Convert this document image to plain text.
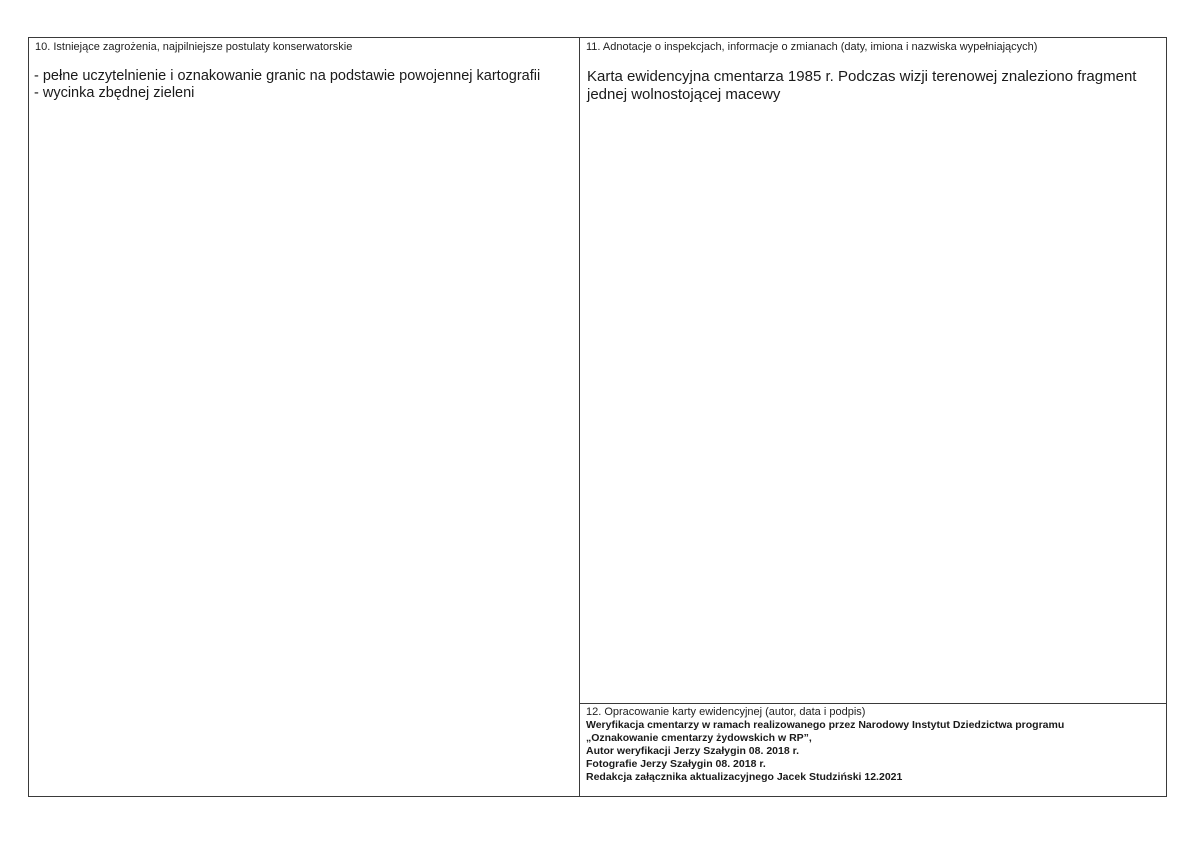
10. Istniejące zagrożenia, najpilniejsze postulaty konserwatorskie
- pełne uczytelnienie i oznakowanie granic na podstawie powojennej kartografii
- wycinka zbędnej zieleni
11. Adnotacje o inspekcjach, informacje o zmianach (daty, imiona i nazwiska wypełniających)

Karta ewidencyjna cmentarza 1985 r. Podczas wizji terenowej znaleziono fragment jednej wolnostojącej macewy

12. Opracowanie karty ewidencyjnej (autor, data i podpis)
Weryfikacja cmentarzy w ramach realizowanego przez Narodowy Instytut Dziedzictwa programu
„Oznakowanie cmentarzy żydowskich w RP”,
Autor weryfikacji Jerzy Szałygin 08. 2018 r.
Fotografie Jerzy Szałygin 08. 2018 r.
Redakcja załącznika aktualizacyjnego Jacek Studziński 12.2021
